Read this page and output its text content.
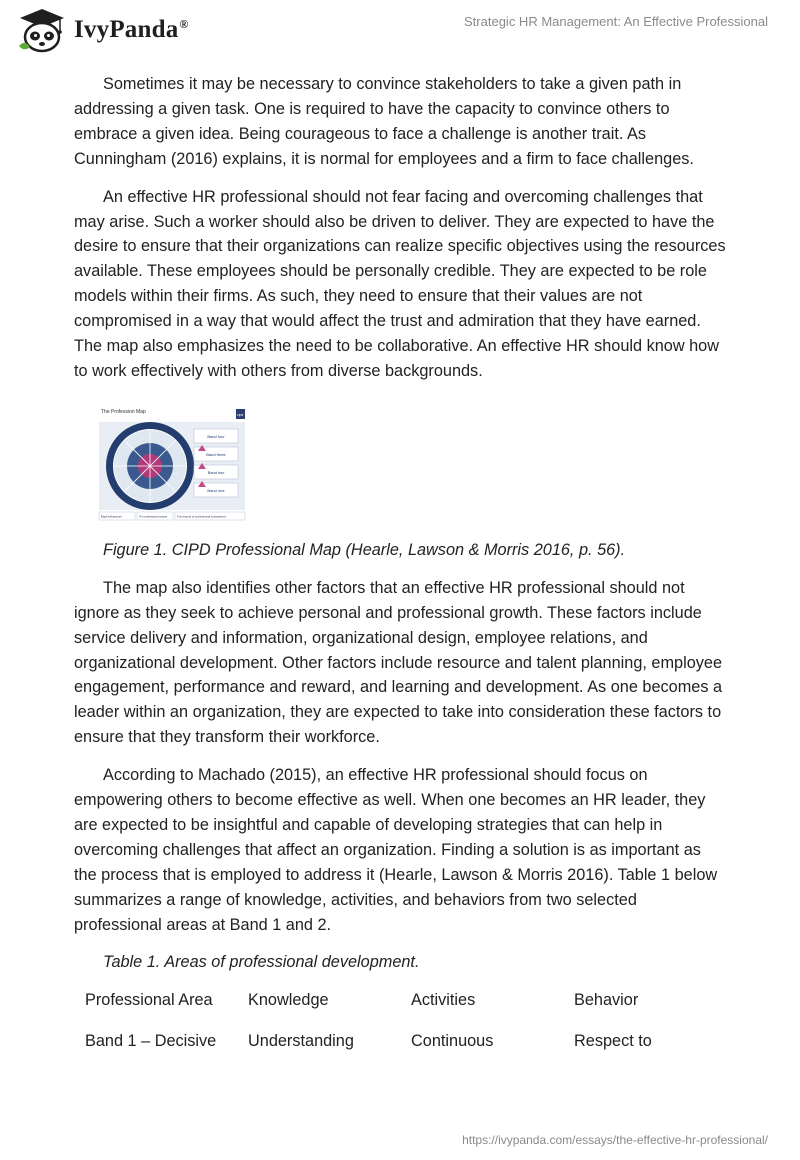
IvyPanda®	Strategic HR Management: An Effective Professional

Sometimes it may be necessary to convince stakeholders to take a given path in addressing a given task. One is required to have the capacity to convince others to embrace a given idea. Being courageous to face a challenge is another trait. As Cunningham (2016) explains, it is normal for employees and a firm to face challenges.

An effective HR professional should not fear facing and overcoming challenges that may arise. Such a worker should also be driven to deliver. They are expected to have the desire to ensure that their organizations can realize specific objectives using the resources available. These employees should be personally credible. They are expected to be role models within their firms. As such, they need to ensure that their values are not compromised in a way that would affect the trust and admiration that they have earned. The map also emphasizes the need to be collaborative. An effective HR should know how to work effectively with others from diverse backgrounds.

The Profession Map	cipd
Band four
Band three
Band two
Band one
Eight behaviours	Ten professional areas	Four bands of professional competence

Figure 1. CIPD Professional Map (Hearle, Lawson & Morris 2016, p. 56).

The map also identifies other factors that an effective HR professional should not ignore as they seek to achieve personal and professional growth. These factors include service delivery and information, organizational design, employee relations, and organizational development. Other factors include resource and talent planning, employee engagement, performance and reward, and learning and development. As one becomes a leader within an organization, they are expected to take into consideration these factors to ensure that they transform their workforce.

According to Machado (2015), an effective HR professional should focus on empowering others to become effective as well. When one becomes an HR leader, they are expected to be insightful and capable of developing strategies that can help in overcoming challenges that affect an organization. Finding a solution is as important as the process that is employed to address it (Hearle, Lawson & Morris 2016). Table 1 below summarizes a range of knowledge, activities, and behaviors from two selected professional areas at Band 1 and 2.

Table 1. Areas of professional development.

Professional Area	Knowledge	Activities	Behavior
Band 1 – Decisive	Understanding	Continuous	Respect to
https://ivypanda.com/essays/the-effective-hr-professional/
